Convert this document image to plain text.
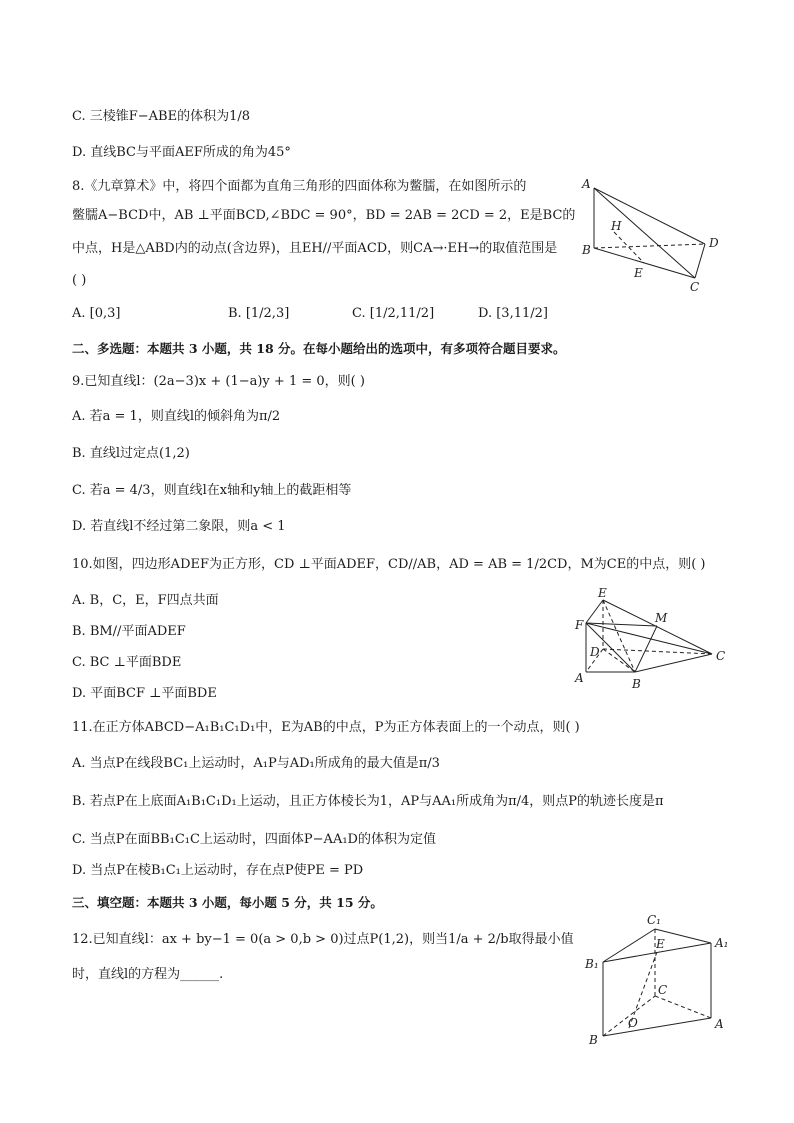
C. 三棱锥F−ABE的体积为1/8
D. 直线BC与平面AEF所成的角为45°
8.《九章算术》中，将四个面都为直角三角形的四面体称为鳖臑，在如图所示的
鳖臑A−BCD中，AB ⊥平面BCD,∠BDC = 90°，BD = 2AB = 2CD = 2，E是BC的
中点，H是△ABD内的动点(含边界)，且EH//平面ACD，则CA→·EH→的取值范围是
( )
A. [0,3]	B. [1/2,3]	C. [1/2,11/2]	D. [3,11/2]
A
B
C
D
E
H
二、多选题：本题共 3 小题，共 18 分。在每小题给出的选项中，有多项符合题目要求。
9.已知直线l：(2a−3)x + (1−a)y + 1 = 0，则( )
A. 若a = 1，则直线l的倾斜角为π/2
B. 直线l过定点(1,2)
C. 若a = 4/3，则直线l在x轴和y轴上的截距相等
D. 若直线l不经过第二象限，则a < 1
10.如图，四边形ADEF为正方形，CD ⊥平面ADEF，CD//AB，AD = AB = 1/2CD，M为CE的中点，则( )
A. B，C，E，F四点共面
B. BM//平面ADEF
C. BC ⊥平面BDE
D. 平面BCF ⊥平面BDE
E
F	M
D	C
A	B
11.在正方体ABCD−A₁B₁C₁D₁中，E为AB的中点，P为正方体表面上的一个动点，则( )
A. 当点P在线段BC₁上运动时，A₁P与AD₁所成角的最大值是π/3
B. 若点P在上底面A₁B₁C₁D₁上运动，且正方体棱长为1，AP与AA₁所成角为π/4，则点P的轨迹长度是π
C. 当点P在面BB₁C₁C上运动时，四面体P−AA₁D的体积为定值
D. 当点P在棱B₁C₁上运动时，存在点P使PE = PD
三、填空题：本题共 3 小题，每小题 5 分，共 15 分。
12.已知直线l：ax + by−1 = 0(a > 0,b > 0)过点P(1,2)，则当1/a + 2/b取得最小值
时，直线l的方程为______.
C₁
E	A₁
B₁
C
O
B
A
